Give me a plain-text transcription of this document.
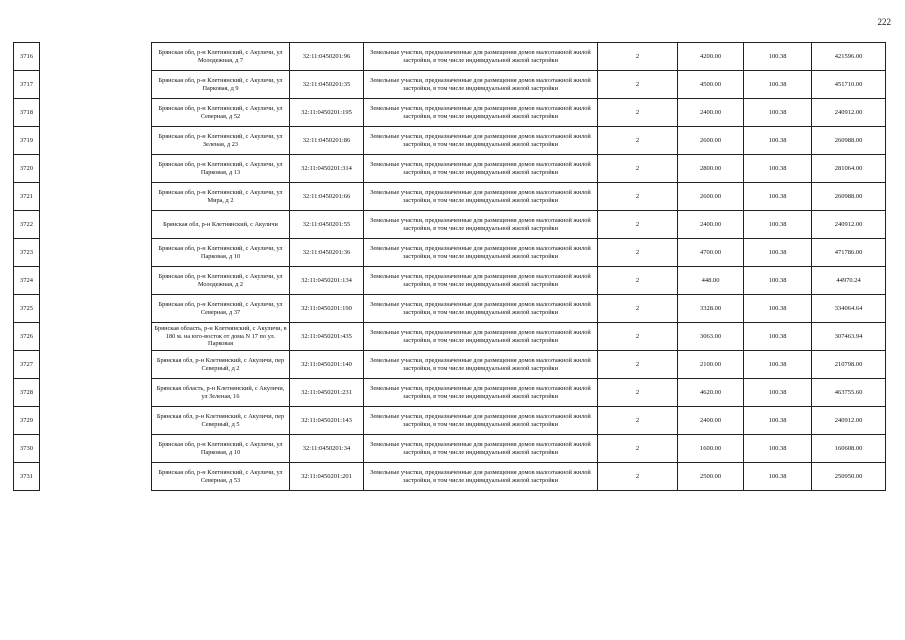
222
3716		Брянская обл, р-н Клетнянский, с Акуличи, ул Молодежная, д 7	32:11:0450201:96	Земельные участки, предназначенные для размещения домов малоэтажной жилой застройки, в том числе индивидуальной жилой застройки	2	4200.00	100.38	421596.00
3717		Брянская обл, р-н Клетнянский, с Акуличи, ул Парковая, д 9	32:11:0450201:35	Земельные участки, предназначенные для размещения домов малоэтажной жилой застройки, в том числе индивидуальной жилой застройки	2	4500.00	100.38	451710.00
3718		Брянская обл, р-н Клетнянский, с Акуличи, ул Северная, д 52	32:11:0450201:195	Земельные участки, предназначенные для размещения домов малоэтажной жилой застройки, в том числе индивидуальной жилой застройки	2	2400.00	100.38	240912.00
3719		Брянская обл, р-н Клетнянский, с Акуличи, ул Зеленая, д 23	32:11:0450201:86	Земельные участки, предназначенные для размещения домов малоэтажной жилой застройки, в том числе индивидуальной жилой застройки	2	2600.00	100.38	260988.00
3720		Брянская обл, р-н Клетнянский, с Акуличи, ул Парковая, д 13	32:11:0450201:314	Земельные участки, предназначенные для размещения домов малоэтажной жилой застройки, в том числе индивидуальной жилой застройки	2	2800.00	100.38	281064.00
3721		Брянская обл, р-н Клетнянский, с Акуличи, ул Мира, д 2	32:11:0450201:66	Земельные участки, предназначенные для размещения домов малоэтажной жилой застройки, в том числе индивидуальной жилой застройки	2	2600.00	100.38	260988.00
3722		Брянская обл, р-н Клетнянский, с Акуличи	32:11:0450201:55	Земельные участки, предназначенные для размещения домов малоэтажной жилой застройки, в том числе индивидуальной жилой застройки	2	2400.00	100.38	240912.00
3723		Брянская обл, р-н Клетнянский, с Акуличи, ул Парковая, д 10	32:11:0450201:36	Земельные участки, предназначенные для размещения домов малоэтажной жилой застройки, в том числе индивидуальной жилой застройки	2	4700.00	100.38	471786.00
3724		Брянская обл, р-н Клетнянский, с Акуличи, ул Молодежная, д 2	32:11:0450201:134	Земельные участки, предназначенные для размещения домов малоэтажной жилой застройки, в том числе индивидуальной жилой застройки	2	448.00	100.38	44970.24
3725		Брянская обл, р-н Клетнянский, с Акуличи, ул Северная, д 37	32:11:0450201:190	Земельные участки, предназначенные для размещения домов малоэтажной жилой застройки, в том числе индивидуальной жилой застройки	2	3328.00	100.38	334064.64
3726		Брянская область, р-н Клетнянский, с Акуличи, в 180 м. на юго-восток от дома N 17 по ул. Парковая	32:11:0450201:435	Земельные участки, предназначенные для размещения домов малоэтажной жилой застройки, в том числе индивидуальной жилой застройки	2	3063.00	100.38	307463.94
3727		Брянская обл, р-н Клетнянский, с Акуличи, пер Северный, д 2	32:11:0450201:140	Земельные участки, предназначенные для размещения домов малоэтажной жилой застройки, в том числе индивидуальной жилой застройки	2	2100.00	100.38	210798.00
3728		Брянская область, р-н Клетнянский, с Акуличи, ул Зеленая, 16	32:11:0450201:231	Земельные участки, предназначенные для размещения домов малоэтажной жилой застройки, в том числе индивидуальной жилой застройки	2	4620.00	100.38	463755.60
3729		Брянская обл, р-н Клетнянский, с Акуличи, пер Северный, д 5	32:11:0450201:143	Земельные участки, предназначенные для размещения домов малоэтажной жилой застройки, в том числе индивидуальной жилой застройки	2	2400.00	100.38	240912.00
3730		Брянская обл, р-н Клетнянский, с Акуличи, ул Парковая, д 10	32:11:0450201:34	Земельные участки, предназначенные для размещения домов малоэтажной жилой застройки, в том числе индивидуальной жилой застройки	2	1600.00	100.38	160608.00
3731		Брянская обл, р-н Клетнянский, с Акуличи, ул Северная, д 53	32:11:0450201:201	Земельные участки, предназначенные для размещения домов малоэтажной жилой застройки, в том числе индивидуальной жилой застройки	2	2500.00	100.38	250950.00
